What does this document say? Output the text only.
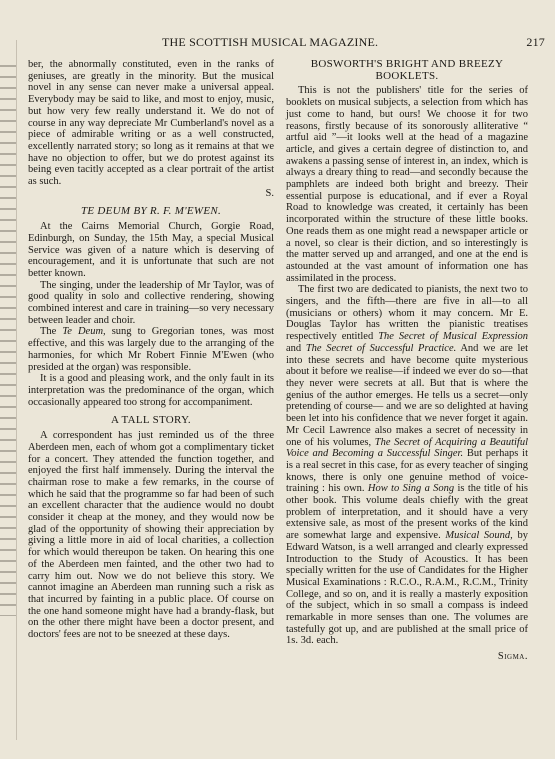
THE SCOTTISH MUSICAL MAGAZINE.	217

ber, the abnormally constituted, even in the ranks of geniuses, are greatly in the minority. But the musical novel in any sense can never make a universal appeal. Everybody may be said to like, and most to enjoy, music, but how very few really understand it. We do not of course in any way depreciate Mr Cumberland's novel as a piece of admirable writing or as a well constructed, excellently narrated story; so long as it remains at that we have no objection to offer, but we do protest against its being even tacitly accepted as a clear portrait of the artist as such.

S.
TE DEUM BY R. F. M'EWEN.

At the Cairns Memorial Church, Gorgie Road, Edinburgh, on Sunday, the 15th May, a special Musical Service was given of a nature which is deserving of encouragement, and it is unfortunate that such are not better known.

The singing, under the leadership of Mr Taylor, was of good quality in solo and collective rendering, showing combined interest and care in training—so very necessary between leader and choir.

The Te Deum, sung to Gregorian tones, was most effective, and this was largely due to the arranging of the harmonies, for which Mr Robert Finnie M'Ewen (who presided at the organ) was responsible.

It is a good and pleasing work, and the only fault in its interpretation was the predominance of the organ, which occasionally appeared too strong for accompaniment.

A TALL STORY.

A correspondent has just reminded us of the three Aberdeen men, each of whom got a complimentary ticket for a concert. They attended the function together, and enjoyed the first half immensely. During the interval the chairman rose to make a few remarks, in the course of which he said that the programme so far had been of such an excellent character that the audience would no doubt consider it cheap at the money, and they would now be glad of the opportunity of showing their appreciation by giving a little more in aid of local charities, a collection for which would thereupon be taken. On hearing this one of the Aberdeen men fainted, and the other two had to carry him out. Now we do not believe this story. We cannot imagine an Aberdeen man running such a risk as that incurred by fainting in a public place. Of course on the one hand someone might have had a brandy-flask, but on the other there might have been a doctor present, and doctors' fees are not to be sneezed at these days.

BOSWORTH'S BRIGHT AND BREEZY
BOOKLETS.

This is not the publishers' title for the series of booklets on musical subjects, a selection from which has just come to hand, but ours! We choose it for two reasons, firstly because of its sonorously alliterative “ artful aid ”—it looks well at the head of a magazine article, and gives a certain degree of distinction to, and awakens a passing sense of interest in, an index, which is always a dreary thing to read—and secondly because the pamphlets are indeed both bright and breezy. Their essential purpose is educational, and if ever a Royal Road to knowledge was created, it certainly has been incorporated within the structure of these little books. One reads them as one might read a newspaper article or a novel, so clear is their diction, and so interestingly is the matter served up and arranged, and one at the end is astounded at the vast amount of information one has assimilated in the process.

The first two are dedicated to pianists, the next two to singers, and the fifth—there are five in all—to all (musicians or others) whom it may concern. Mr E. Douglas Taylor has written the pianistic treatises respectively entitled The Secret of Musical Expression and The Secret of Successful Practice. And we are let into these secrets and have become quite mysterious about it before we realise—if indeed we ever do so—that they never were secrets at all. But that is where the genius of the author emerges. He tells us a secret—only pretending of course— and we are so delighted at having been let into his confidence that we never forget it again. Mr Cecil Lawrence also makes a secret of necessity in one of his volumes, The Secret of Acquiring a Beautiful Voice and Becoming a Successful Singer. But perhaps it is a real secret in this case, for as every teacher of singing knows, there is only one genuine method of voice-training : his own. How to Sing a Song is the title of his other book. This volume deals chiefly with the great problem of interpretation, and it should have a very extensive sale, as most of the present works of the kind are somewhat large and expensive. Musical Sound, by Edward Watson, is a well arranged and clearly expressed Introduction to the Study of Acoustics. It has been specially written for the use of Candidates for the Higher Musical Examinations : R.C.O., R.A.M., R.C.M., Trinity College, and so on, and it is really a masterly exposition of the subject, which in so small a compass is indeed remarkable in more senses than one. The volumes are tastefully got up, and are published at the small price of 1s. 3d. each.

Sigma.
